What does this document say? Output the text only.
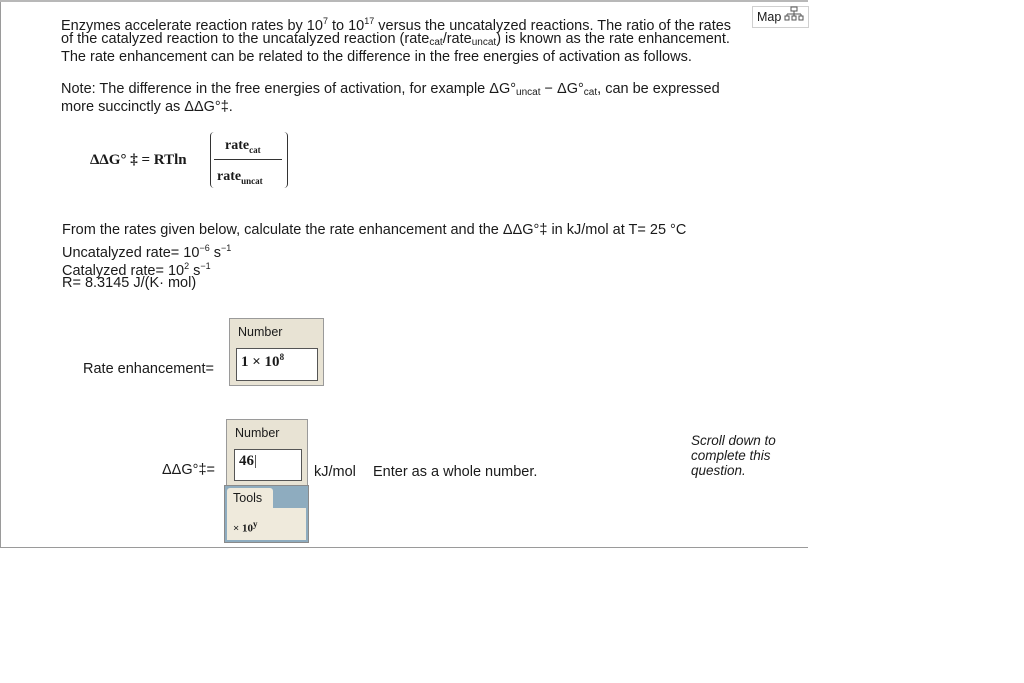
Enzymes accelerate reaction rates by $10^7$ to $10^{17}$ versus the uncatalyzed reactions. The ratio of the rates

of the catalyzed reaction to the uncatalyzed reaction (rate$_{cat}$/rate$_{uncat}$) is known as the rate enhancement.

The rate enhancement can be related to the difference in the free energies of activation as follows.

Map

Note: The difference in the free energies of activation, for example $\Delta G^\circ_{uncat} - \Delta G^\circ_{cat}$, can be expressed

more succinctly as ΔΔG°‡.

ΔΔG° ‡ = RTln
rate$_{cat}$
rate$_{uncat}$

From the rates given below, calculate the rate enhancement and the ΔΔG°‡ in kJ/mol at T= 25 °C

Uncatalyzed rate= $10^{-6}$ $s^{-1}$

Catalyzed rate= $10^2$ $s^{-1}$

R= 8.3145 J/(K· mol)

Rate enhancement=
Number
$1 \times 10^8$
ΔΔG°‡=
Number
46|
Tools
× $10^y$
kJ/mol Enter as a whole number.
Scroll down to complete this question.
